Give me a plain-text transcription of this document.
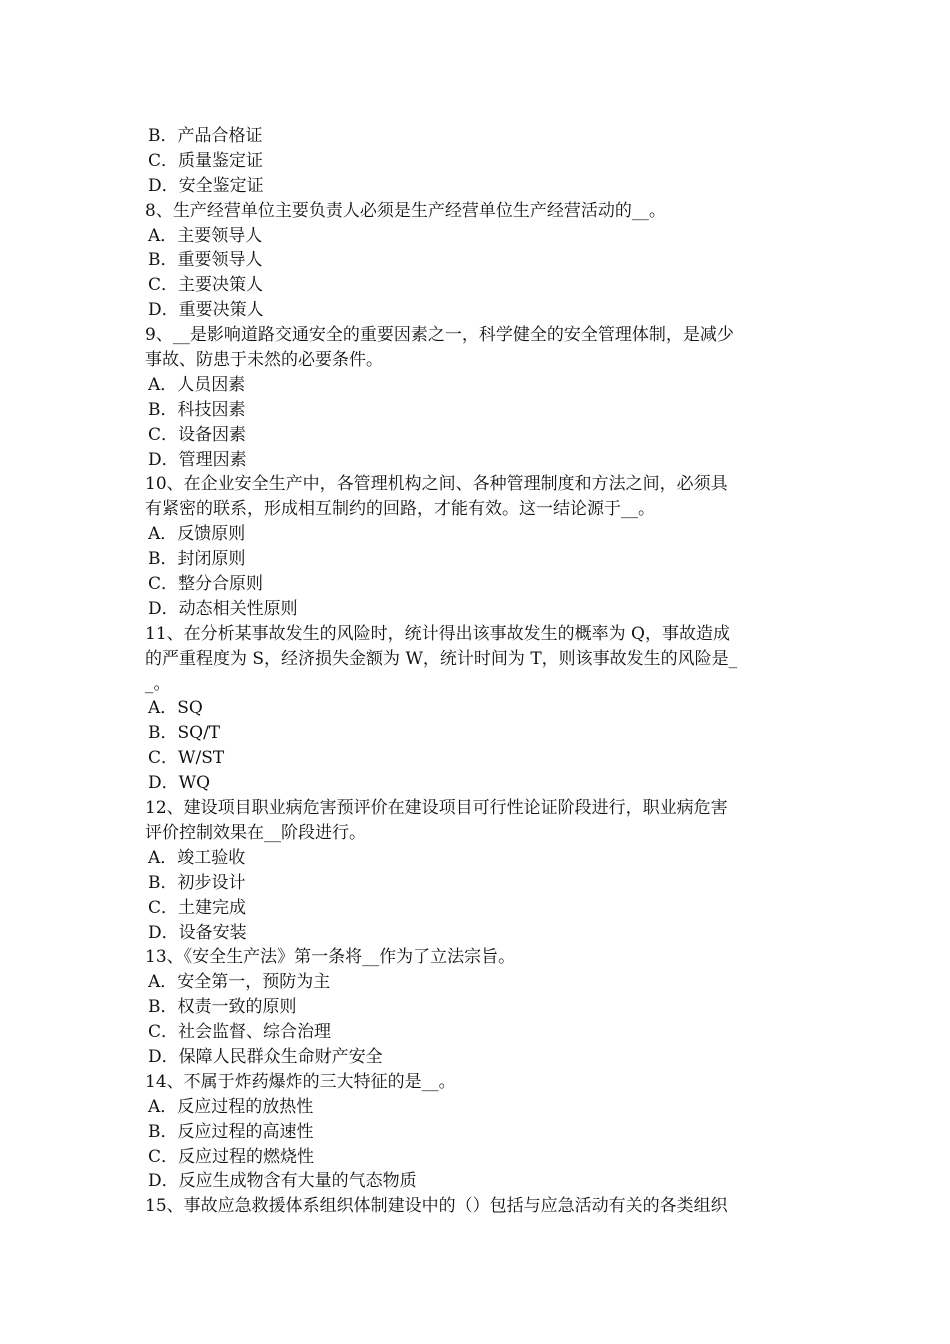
B．产品合格证
C．质量鉴定证
D．安全鉴定证
8、生产经营单位主要负责人必须是生产经营单位生产经营活动的__。
A．主要领导人
B．重要领导人
C．主要决策人
D．重要决策人
9、__是影响道路交通安全的重要因素之一，科学健全的安全管理体制，是减少
事故、防患于未然的必要条件。
A．人员因素
B．科技因素
C．设备因素
D．管理因素
10、在企业安全生产中，各管理机构之间、各种管理制度和方法之间，必须具
有紧密的联系，形成相互制约的回路，才能有效。这一结论源于__。
A．反馈原则
B．封闭原则
C．整分合原则
D．动态相关性原则
11、在分析某事故发生的风险时，统计得出该事故发生的概率为 Q，事故造成
的严重程度为 S，经济损失金额为 W，统计时间为 T，则该事故发生的风险是_
_。
A．SQ
B．SQ/T
C．W/ST
D．WQ
12、建设项目职业病危害预评价在建设项目可行性论证阶段进行，职业病危害
评价控制效果在__阶段进行。
A．竣工验收
B．初步设计
C．土建完成
D．设备安装
13、《安全生产法》第一条将__作为了立法宗旨。
A．安全第一，预防为主
B．权责一致的原则
C．社会监督、综合治理
D．保障人民群众生命财产安全
14、不属于炸药爆炸的三大特征的是__。
A．反应过程的放热性
B．反应过程的高速性
C．反应过程的燃烧性
D．反应生成物含有大量的气态物质
15、事故应急救援体系组织体制建设中的（）包括与应急活动有关的各类组织
